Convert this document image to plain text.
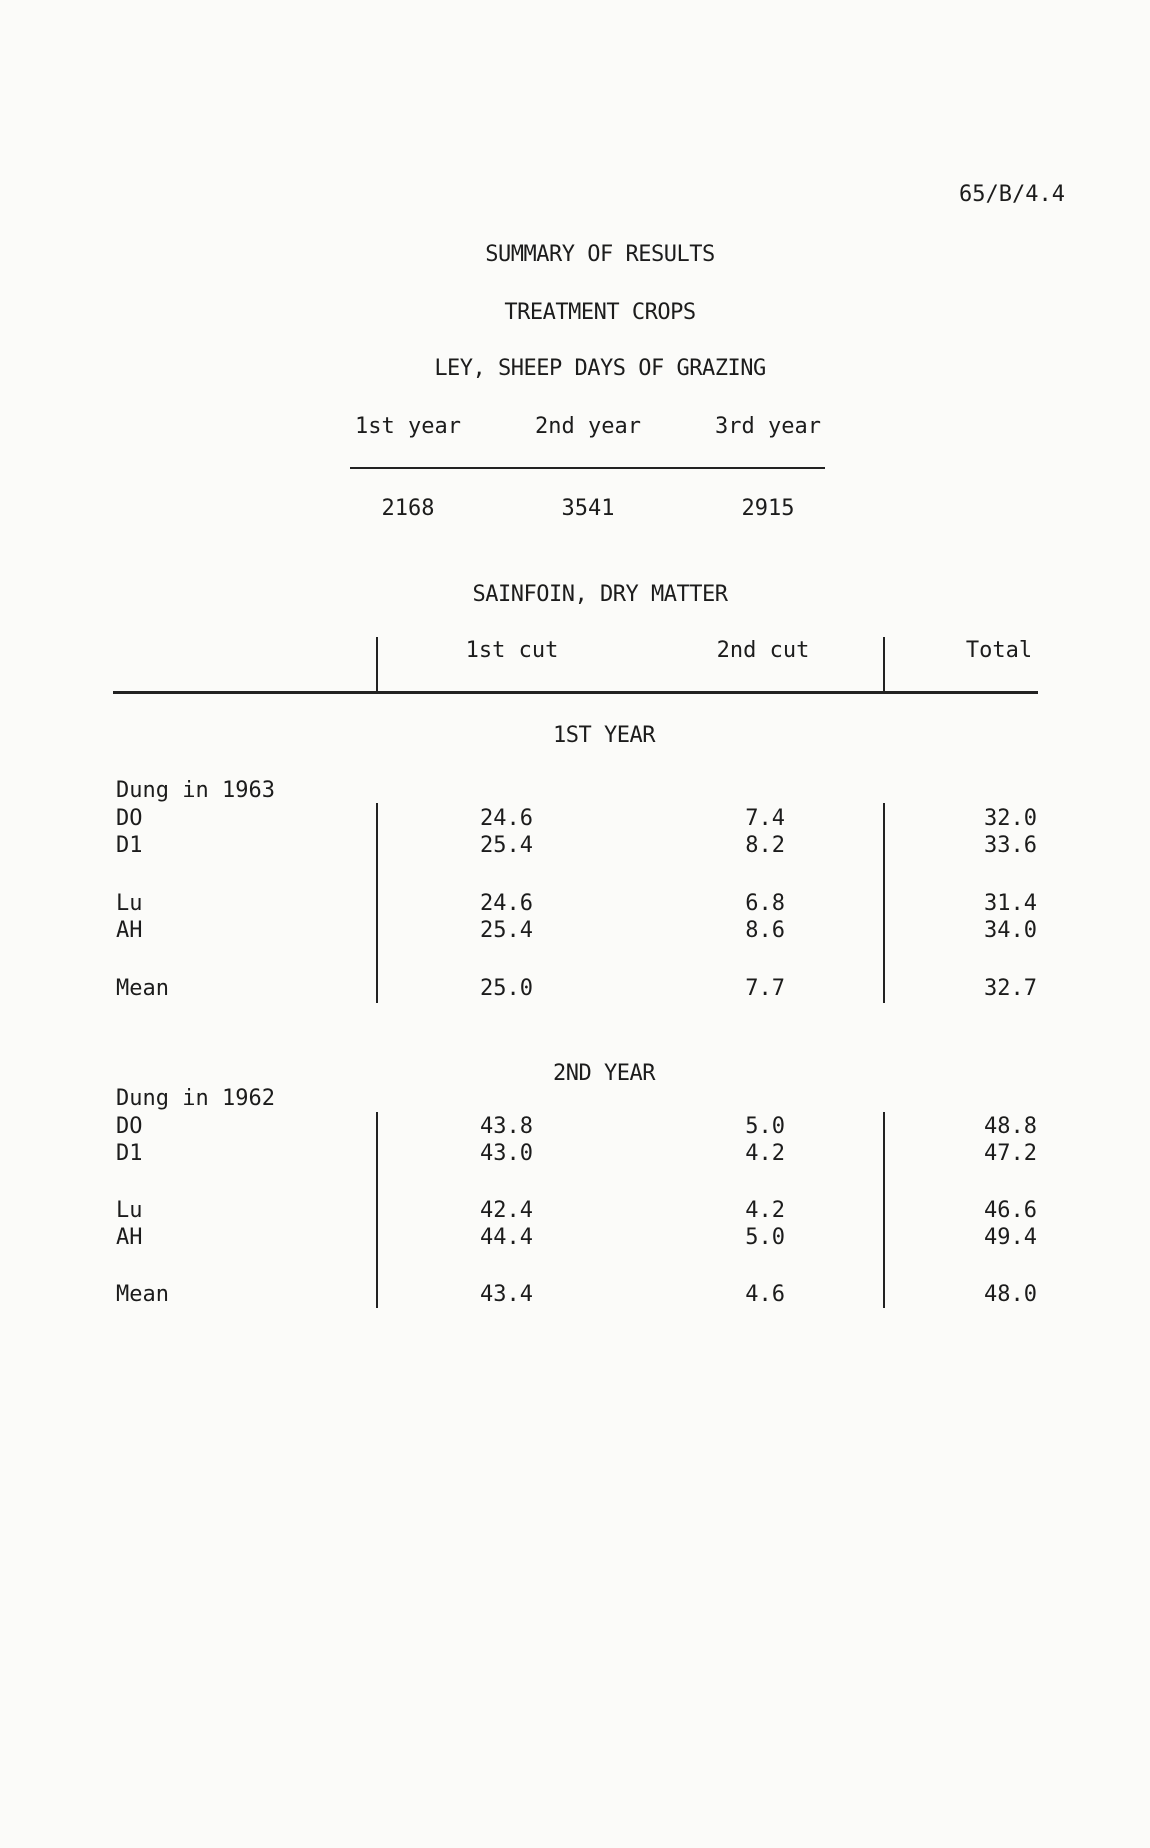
65/B/4.4
SUMMARY OF RESULTS
TREATMENT CROPS
LEY, SHEEP DAYS OF GRAZING
1st year	2nd year	3rd year
2168	3541	2915
SAINFOIN, DRY MATTER
1st cut	2nd cut	Total
1ST YEAR
Dung in 1963
DO	24.6	7.4	32.0
D1	25.4	8.2	33.6
Lu	24.6	6.8	31.4
AH	25.4	8.6	34.0
Mean	25.0	7.7	32.7
2ND YEAR
Dung in 1962
DO	43.8	5.0	48.8
D1	43.0	4.2	47.2
Lu	42.4	4.2	46.6
AH	44.4	5.0	49.4
Mean	43.4	4.6	48.0
